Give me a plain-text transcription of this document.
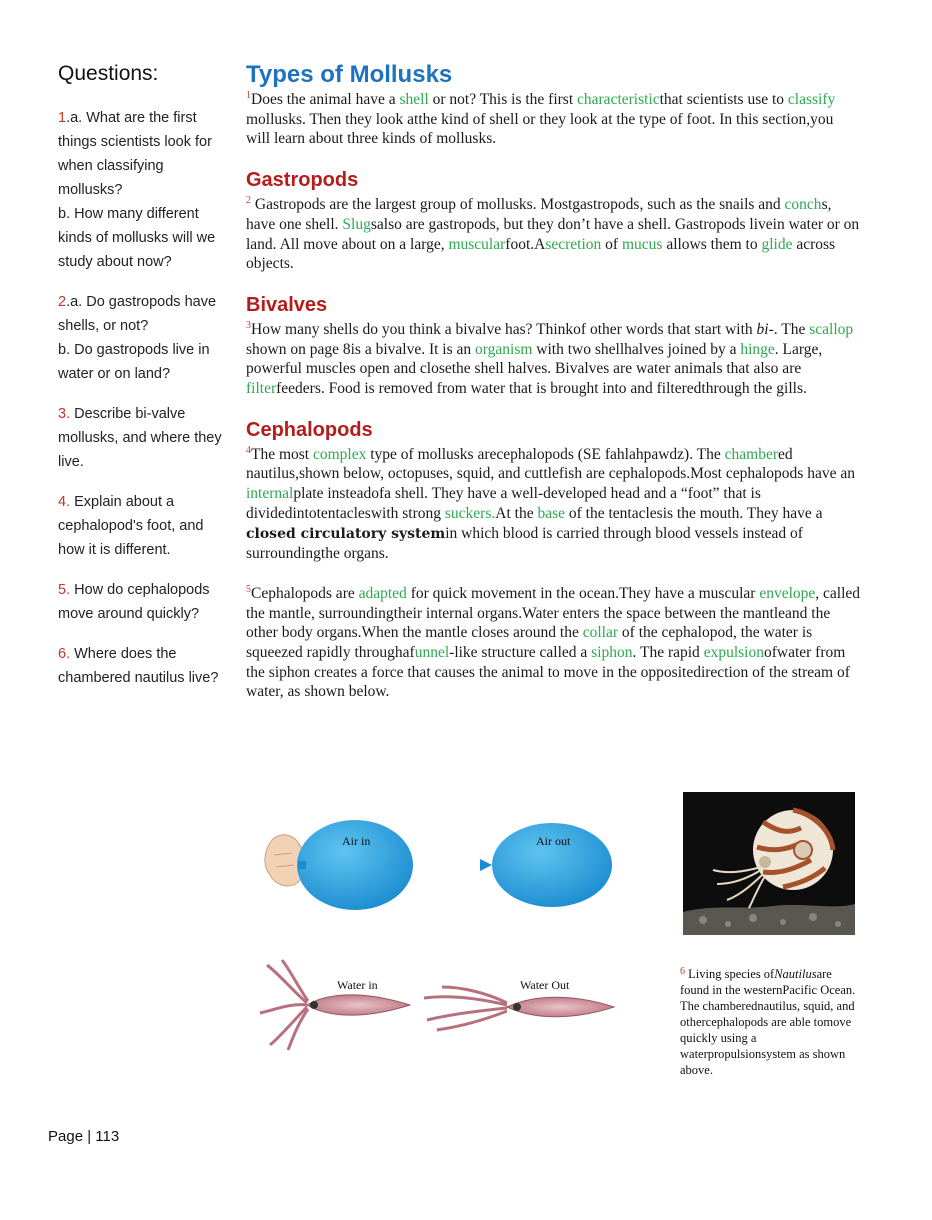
Questions:
1.a. What are the first things scientists look for when classifying mollusks?
b. How many different kinds of mollusks will we study about now?
2.a. Do gastropods have shells, or not?
b. Do gastropods live in water or on land?
3. Describe bi-valve mollusks, and where they live.
4. Explain about a cephalopod's foot, and how it is different.
5. How do cephalopods move around quickly?
6. Where does the chambered nautilus live?
Types of Mollusks

$^1$Does the animal have a shell or not? This is the first characteristicthat scientists use to classify mollusks. Then they look atthe kind of shell or they look at the type of foot. In this section,you will learn about three kinds of mollusks.

Gastropods

$^2$ Gastropods are the largest group of mollusks. Mostgastropods, such as the snails and conchs, have one shell. Slugsalso are gastropods, but they don’t have a shell. Gastropods livein water or on land. All move about on a large, muscularfoot.Asecretion of mucus allows them to glide across objects.

Bivalves

$^3$How many shells do you think a bivalve has? Thinkof other words that start with bi-. The scallop shown on page 8is a bivalve. It is an organism with two shellhalves joined by a hinge. Large, powerful muscles open and closethe shell halves. Bivalves are water animals that also are filterfeeders. Food is removed from water that is brought into and filteredthrough the gills.

Cephalopods

$^4$The most complex type of mollusks arecephalopods (SE fahlahpawdz). The chambered nautilus,shown below, octopuses, squid, and cuttlefish are cephalopods.Most cephalopods have an internalplate insteadofa shell. They have a well-developed head and a “foot” that is dividedintotentacleswith strong suckers.At the base of the tentaclesis the mouth. They have a closed circulatory systemin which blood is carried through blood vessels instead of surroundingthe organs.

$^5$Cephalopods are adapted for quick movement in the ocean.They have a muscular envelope, called the mantle, surroundingtheir internal organs.Water enters the space between the mantleand the other body organs.When the mantle closes around the collar of the cephalopod, the water is squeezed rapidly throughafunnel-like structure called a siphon. The rapid expulsionofwater from the siphon creates a force that causes the animal to move in the oppositedirection of the stream of water, as shown below.

Air in	Air out
Water in	Water Out
$^6$ Living species ofNautilusare found in the westernPacific Ocean. The chamberednautilus, squid, and othercephalopods are able tomove quickly using a waterpropulsionsystem as shown above.
Page | 113
